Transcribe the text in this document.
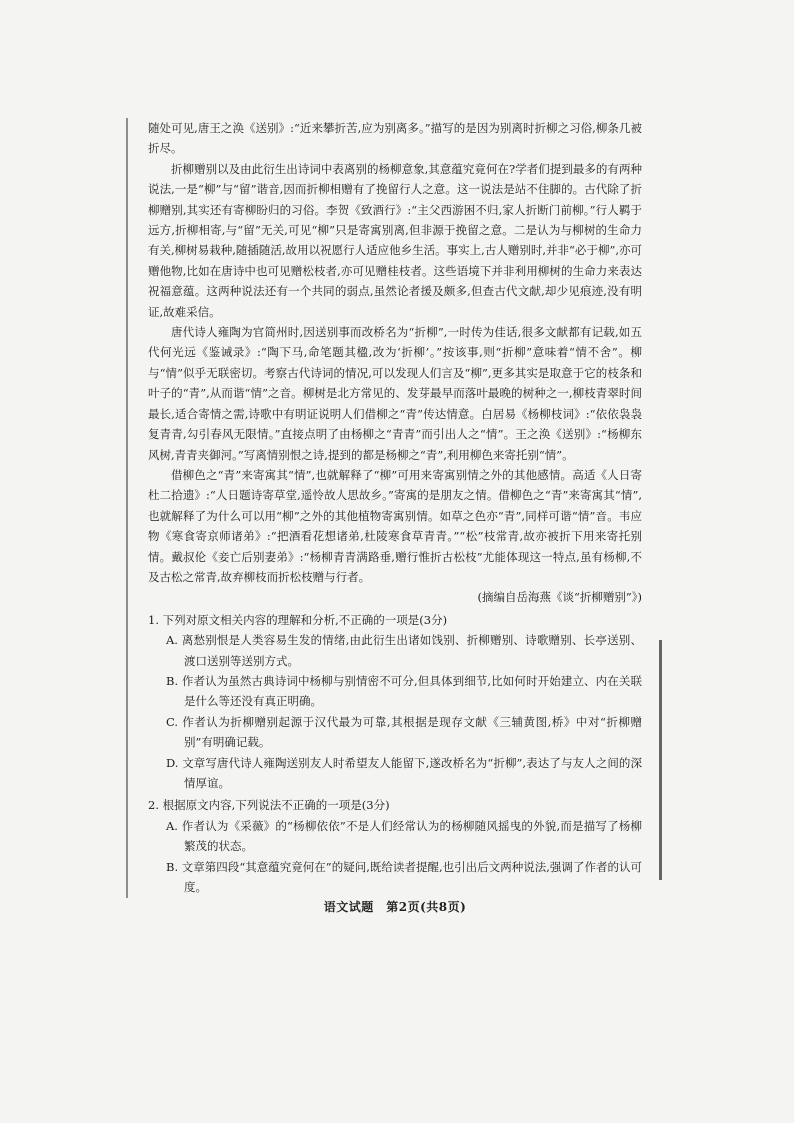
随处可见,唐王之涣《送别》:“近来攀折苦,应为别离多。”描写的是因为别离时折柳之习俗,柳条几被折尽。

折柳赠别以及由此衍生出诗词中表离别的杨柳意象,其意蕴究竟何在?学者们提到最多的有两种说法,一是“柳”与“留”谐音,因而折柳相赠有了挽留行人之意。这一说法是站不住脚的。古代除了折柳赠别,其实还有寄柳盼归的习俗。李贺《致酒行》:“主父西游困不归,家人折断门前柳。”行人羁于远方,折柳相寄,与“留”无关,可见“柳”只是寄寓别离,但非源于挽留之意。二是认为与柳树的生命力有关,柳树易栽种,随插随活,故用以祝愿行人适应他乡生活。事实上,古人赠别时,并非“必于柳”,亦可赠他物,比如在唐诗中也可见赠松枝者,亦可见赠桂枝者。这些语境下并非利用柳树的生命力来表达祝福意蕴。这两种说法还有一个共同的弱点,虽然论者援及颇多,但查古代文献,却少见痕迹,没有明证,故难采信。

唐代诗人雍陶为官简州时,因送别事而改桥名为“折柳”,一时传为佳话,很多文献都有记载,如五代何光远《鉴诫录》:“陶下马,命笔题其楹,改为‘折柳’。”按该事,则“折柳”意味着“情不舍”。柳与“情”似乎无联密切。考察古代诗词的情况,可以发现人们言及“柳”,更多其实是取意于它的枝条和叶子的“青”,从而谐“情”之音。柳树是北方常见的、发芽最早而落叶最晚的树种之一,柳枝青翠时间最长,适合寄情之需,诗歌中有明证说明人们借柳之“青”传达情意。白居易《杨柳枝词》:“依依袅袅复青青,勾引春风无限情。”直接点明了由杨柳之“青青”而引出人之“情”。王之涣《送别》:“杨柳东风树,青青夹御河。”写离情别恨之诗,提到的都是杨柳之“青”,利用柳色来寄托别“情”。

借柳色之“青”来寄寓其“情”,也就解释了“柳”可用来寄寓别情之外的其他感情。高适《人日寄杜二拾遗》:“人日题诗寄草堂,遥怜故人思故乡。”寄寓的是朋友之情。借柳色之“青”来寄寓其“情”,也就解释了为什么可以用“柳”之外的其他植物寄寓别情。如草之色亦“青”,同样可谐“情”音。韦应物《寒食寄京师诸弟》:“把酒看花想诸弟,杜陵寒食草青青。”“松”枝常青,故亦被折下用来寄托别情。戴叔伦《妾亡后别妻弟》:“杨柳青青满路垂,赠行惟折古松枝”尤能体现这一特点,虽有杨柳,不及古松之常青,故弃柳枝而折松枝赠与行者。

(摘编自岳海燕《谈“折柳赠别”》)

1. 下列对原文相关内容的理解和分析,不正确的一项是(3分)

A. 离愁别恨是人类容易生发的情绪,由此衍生出诸如饯别、折柳赠别、诗歌赠别、长亭送别、渡口送别等送别方式。

B. 作者认为虽然古典诗词中杨柳与别情密不可分,但具体到细节,比如何时开始建立、内在关联是什么等还没有真正明确。

C. 作者认为折柳赠别起源于汉代最为可靠,其根据是现存文献《三辅黄图,桥》中对“折柳赠别”有明确记载。

D. 文章写唐代诗人雍陶送别友人时希望友人能留下,遂改桥名为“折柳”,表达了与友人之间的深情厚谊。

2. 根据原文内容,下列说法不正确的一项是(3分)

A. 作者认为《采薇》的“杨柳依依”不是人们经常认为的杨柳随风摇曳的外貌,而是描写了杨柳繁茂的状态。

B. 文章第四段“其意蕴究竟何在”的疑问,既给读者提醒,也引出后文两种说法,强调了作者的认可度。

语文试题　第2页(共8页)
